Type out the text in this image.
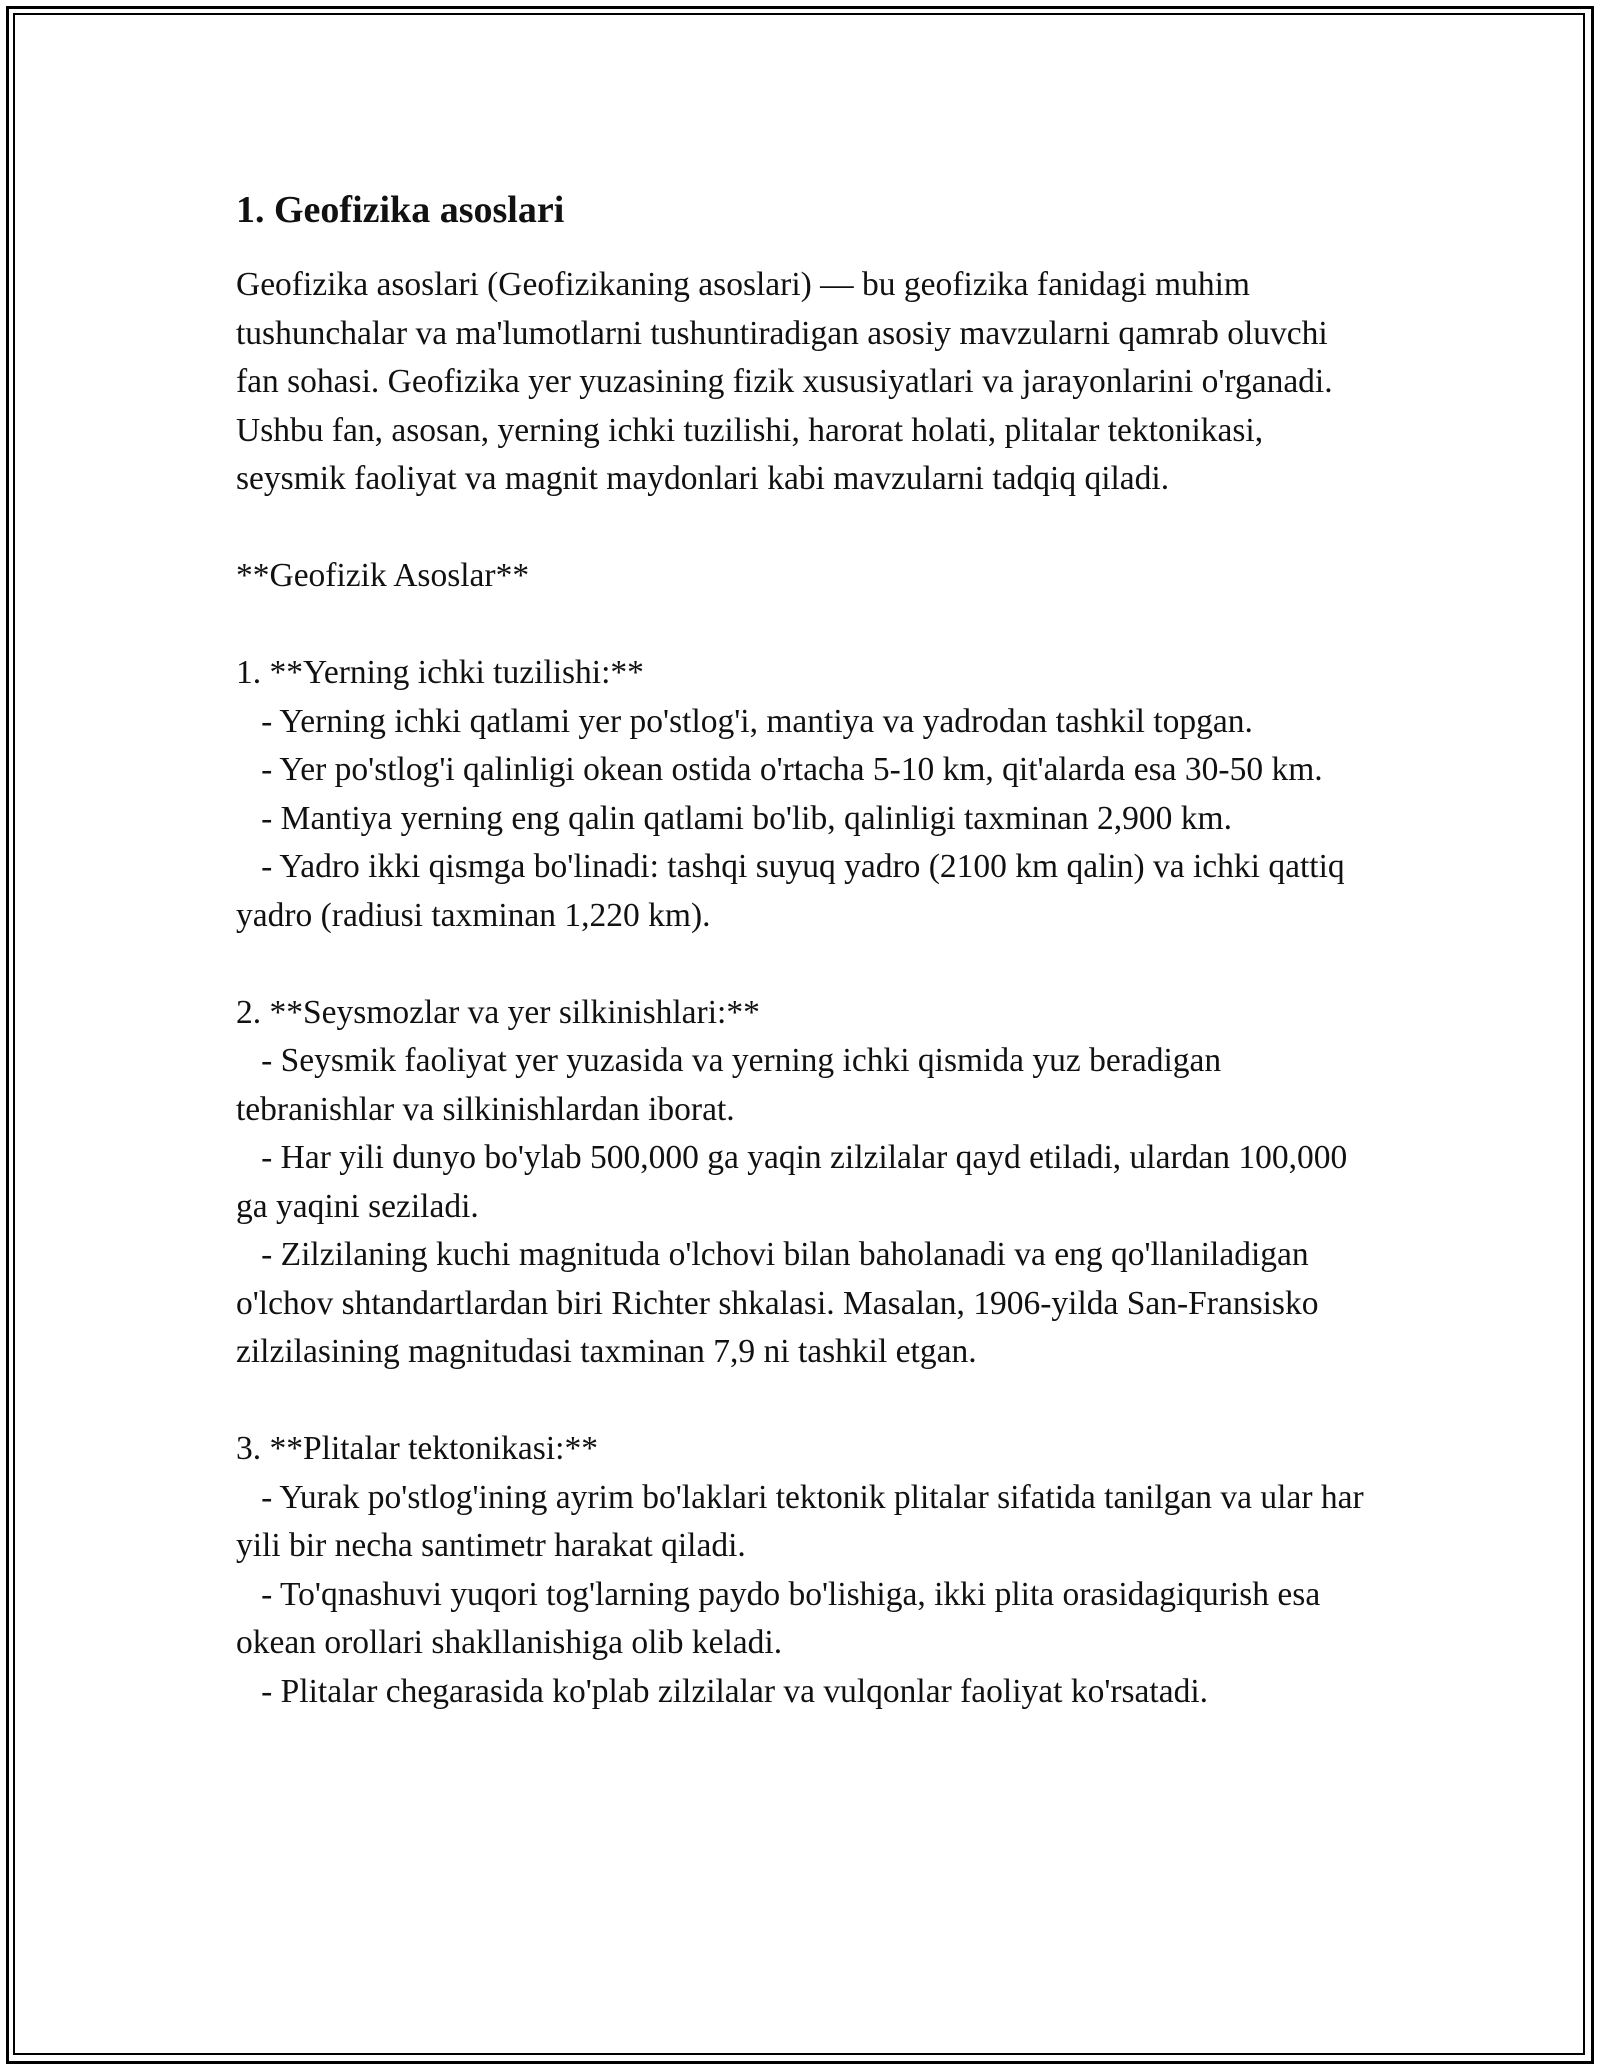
1. Geofizika asoslari

Geofizika asoslari (Geofizikaning asoslari) — bu geofizika fanidagi muhim tushunchalar va ma'lumotlarni tushuntiradigan asosiy mavzularni qamrab oluvchi fan sohasi. Geofizika yer yuzasining fizik xususiyatlari va jarayonlarini o'rganadi. Ushbu fan, asosan, yerning ichki tuzilishi, harorat holati, plitalar tektonikasi, seysmik faoliyat va magnit maydonlari kabi mavzularni tadqiq qiladi.

**Geofizik Asoslar**

1. **Yerning ichki tuzilishi:**
- Yerning ichki qatlami yer po'stlog'i, mantiya va yadrodan tashkil topgan.
- Yer po'stlog'i qalinligi okean ostida o'rtacha 5-10 km, qit'alarda esa 30-50 km.
- Mantiya yerning eng qalin qatlami bo'lib, qalinligi taxminan 2,900 km.
- Yadro ikki qismga bo'linadi: tashqi suyuq yadro (2100 km qalin) va ichki qattiq yadro (radiusi taxminan 1,220 km).

2. **Seysmozlar va yer silkinishlari:**
- Seysmik faoliyat yer yuzasida va yerning ichki qismida yuz beradigan tebranishlar va silkinishlardan iborat.
- Har yili dunyo bo'ylab 500,000 ga yaqin zilzilalar qayd etiladi, ulardan 100,000 ga yaqini seziladi.
- Zilzilaning kuchi magnituda o'lchovi bilan baholanadi va eng qo'llaniladigan o'lchov shtandartlardan biri Richter shkalasi. Masalan, 1906-yilda San-Fransisko zilzilasining magnitudasi taxminan 7,9 ni tashkil etgan.

3. **Plitalar tektonikasi:**
- Yurak po'stlog'ining ayrim bo'laklari tektonik plitalar sifatida tanilgan va ular har yili bir necha santimetr harakat qiladi.
- To'qnashuvi yuqori tog'larning paydo bo'lishiga, ikki plita orasidagiqurish esa okean orollari shakllanishiga olib keladi.
- Plitalar chegarasida ko'plab zilzilalar va vulqonlar faoliyat ko'rsatadi.
